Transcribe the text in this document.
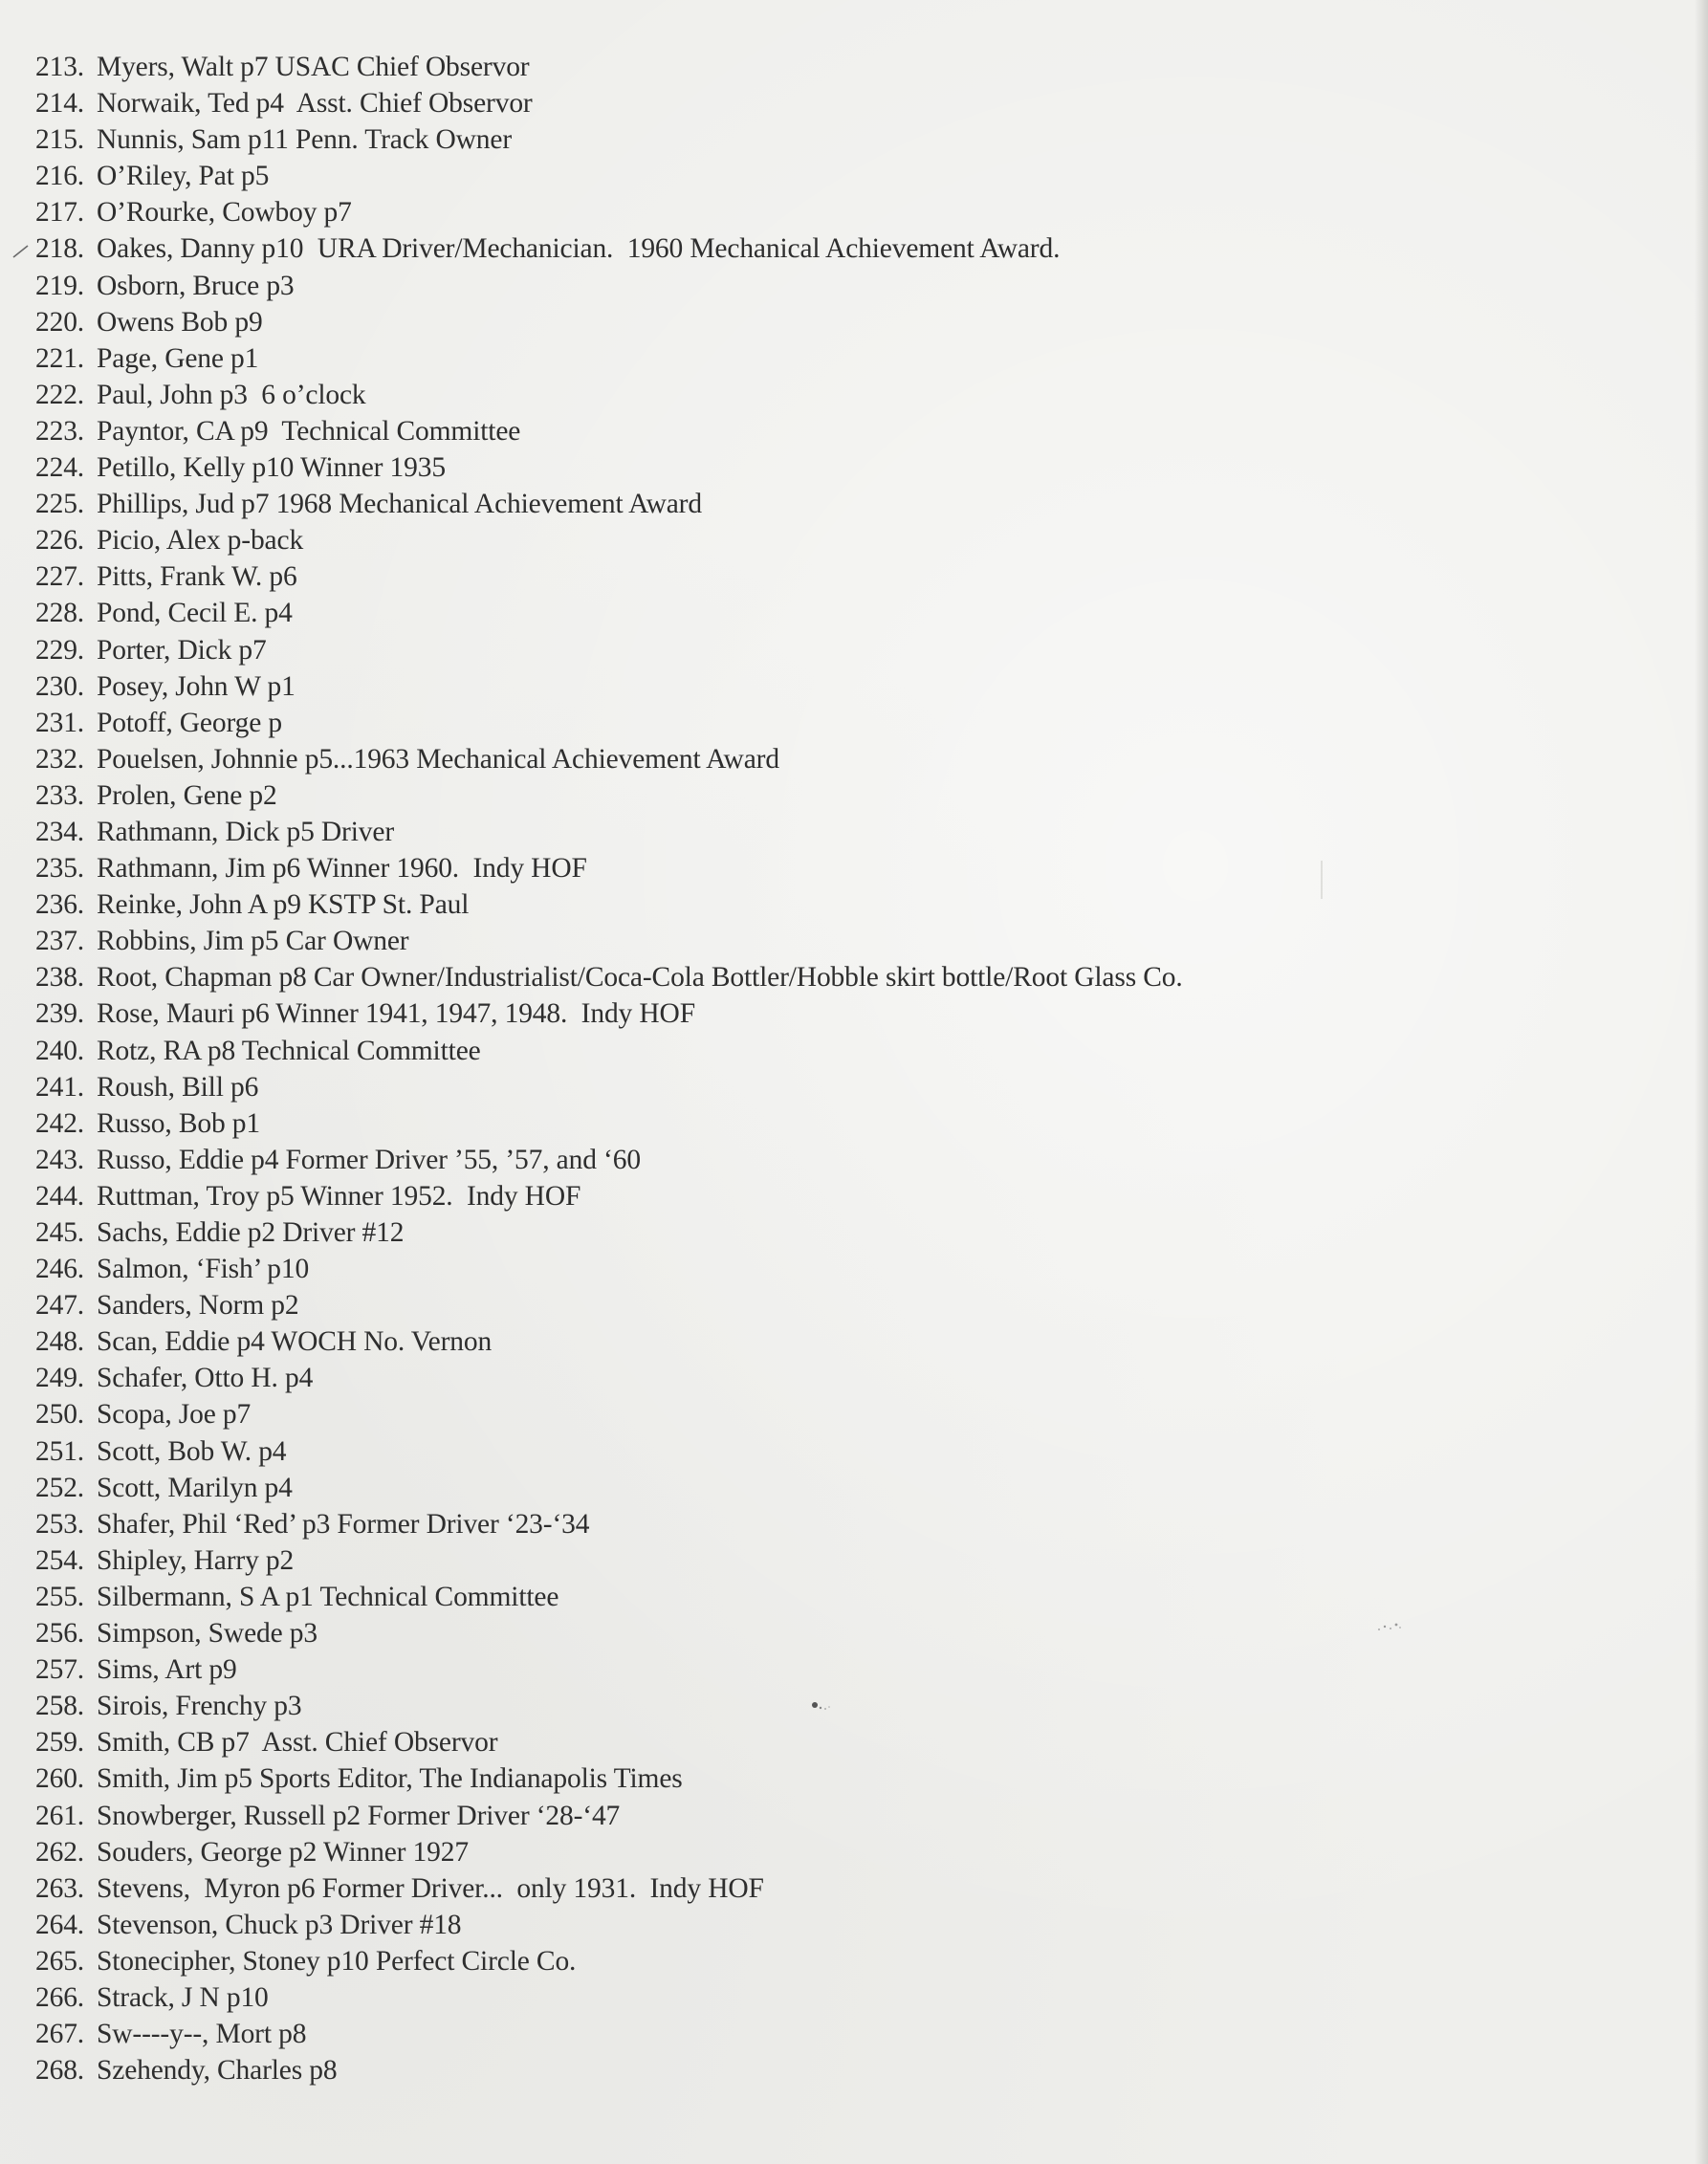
213. Myers, Walt p7 USAC Chief Observor
214. Norwaik, Ted p4  Asst. Chief Observor
215. Nunnis, Sam p11 Penn. Track Owner
216. O’Riley, Pat p5
217. O’Rourke, Cowboy p7
218. Oakes, Danny p10  URA Driver/Mechanician.  1960 Mechanical Achievement Award.
219. Osborn, Bruce p3
220. Owens Bob p9
221. Page, Gene p1
222. Paul, John p3  6 o’clock
223. Payntor, CA p9  Technical Committee
224. Petillo, Kelly p10 Winner 1935
225. Phillips, Jud p7 1968 Mechanical Achievement Award
226. Picio, Alex p-back
227. Pitts, Frank W. p6
228. Pond, Cecil E. p4
229. Porter, Dick p7
230. Posey, John W p1
231. Potoff, George p
232. Pouelsen, Johnnie p5...1963 Mechanical Achievement Award
233. Prolen, Gene p2
234. Rathmann, Dick p5 Driver
235. Rathmann, Jim p6 Winner 1960.  Indy HOF
236. Reinke, John A p9 KSTP St. Paul
237. Robbins, Jim p5 Car Owner
238. Root, Chapman p8 Car Owner/Industrialist/Coca-Cola Bottler/Hobble skirt bottle/Root Glass Co.
239. Rose, Mauri p6 Winner 1941, 1947, 1948.  Indy HOF
240. Rotz, RA p8 Technical Committee
241. Roush, Bill p6
242. Russo, Bob p1
243. Russo, Eddie p4 Former Driver ’55, ’57, and ‘60
244. Ruttman, Troy p5 Winner 1952.  Indy HOF
245. Sachs, Eddie p2 Driver #12
246. Salmon, ‘Fish’ p10
247. Sanders, Norm p2
248. Scan, Eddie p4 WOCH No. Vernon
249. Schafer, Otto H. p4
250. Scopa, Joe p7
251. Scott, Bob W. p4
252. Scott, Marilyn p4
253. Shafer, Phil ‘Red’ p3 Former Driver ‘23-‘34
254. Shipley, Harry p2
255. Silbermann, S A p1 Technical Committee
256. Simpson, Swede p3
257. Sims, Art p9
258. Sirois, Frenchy p3
259. Smith, CB p7  Asst. Chief Observor
260. Smith, Jim p5 Sports Editor, The Indianapolis Times
261. Snowberger, Russell p2 Former Driver ‘28-‘47
262. Souders, George p2 Winner 1927
263. Stevens,  Myron p6 Former Driver...  only 1931.  Indy HOF
264. Stevenson, Chuck p3 Driver #18
265. Stonecipher, Stoney p10 Perfect Circle Co.
266. Strack, J N p10
267. Sw----y--, Mort p8
268. Szehendy, Charles p8
